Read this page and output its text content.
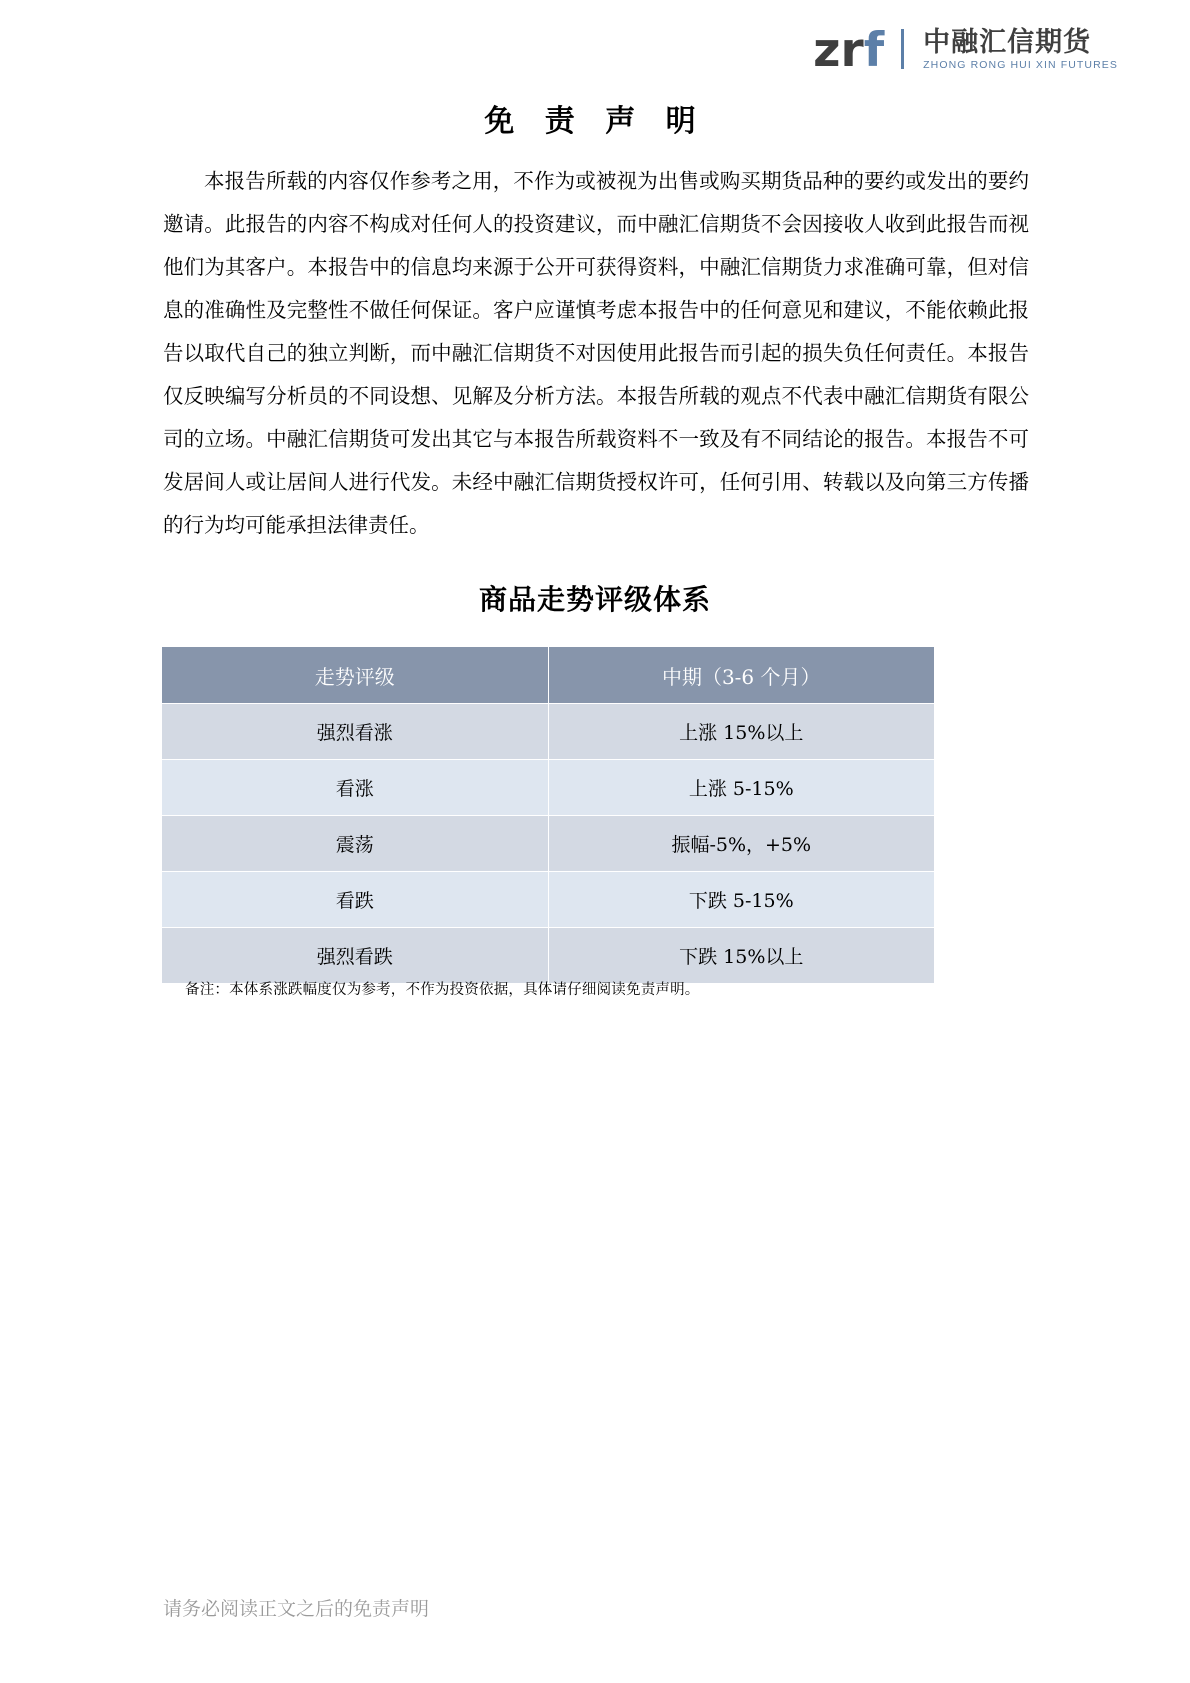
z r f 中融汇信期货
ZHONG RONG HUI XIN FUTURES
免 责 声 明
本报告所载的内容仅作参考之用，不作为或被视为出售或购买期货品种的要约或发出的要约邀请。此报告的内容不构成对任何人的投资建议，而中融汇信期货不会因接收人收到此报告而视他们为其客户。本报告中的信息均来源于公开可获得资料，中融汇信期货力求准确可靠，但对信息的准确性及完整性不做任何保证。客户应谨慎考虑本报告中的任何意见和建议，不能依赖此报告以取代自己的独立判断，而中融汇信期货不对因使用此报告而引起的损失负任何责任。本报告仅反映编写分析员的不同设想、见解及分析方法。本报告所载的观点不代表中融汇信期货有限公司的立场。中融汇信期货可发出其它与本报告所载资料不一致及有不同结论的报告。本报告不可发居间人或让居间人进行代发。未经中融汇信期货授权许可，任何引用、转载以及向第三方传播的行为均可能承担法律责任。
商品走势评级体系
走势评级	中期（3-6 个月）
强烈看涨	上涨 15%以上
看涨	上涨 5-15%
震荡	振幅-5%，+5%
看跌	下跌 5-15%
强烈看跌	下跌 15%以上
备注：本体系涨跌幅度仅为参考，不作为投资依据，具体请仔细阅读免责声明。
请务必阅读正文之后的免责声明
